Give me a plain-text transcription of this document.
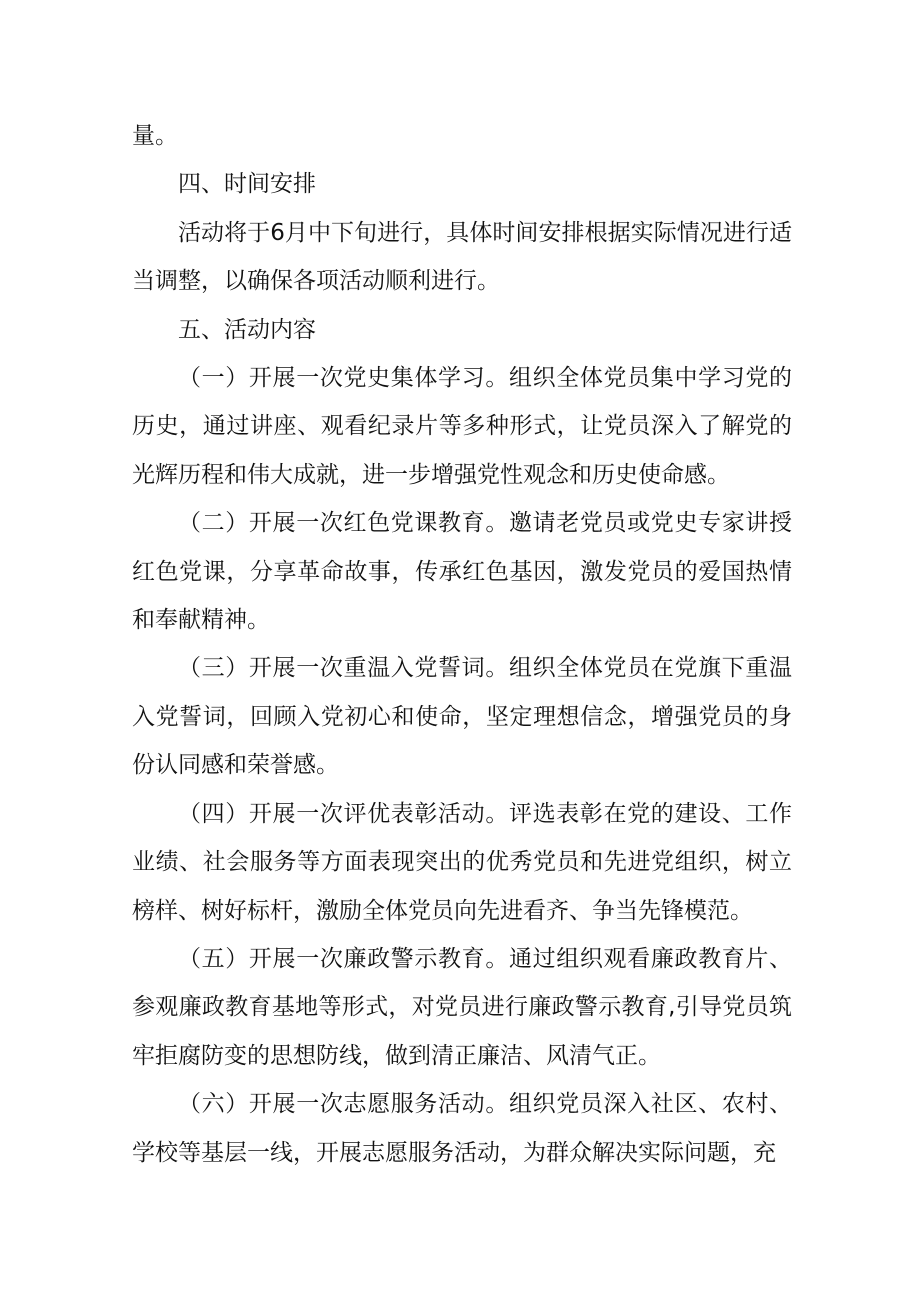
量。

四、时间安排

活动将于6月中下旬进行，具体时间安排根据实际情况进行适当调整，以确保各项活动顺利进行。

五、活动内容

（一）开展一次党史集体学习。组织全体党员集中学习党的历史，通过讲座、观看纪录片等多种形式，让党员深入了解党的光辉历程和伟大成就，进一步增强党性观念和历史使命感。

（二）开展一次红色党课教育。邀请老党员或党史专家讲授红色党课，分享革命故事，传承红色基因，激发党员的爱国热情和奉献精神。

（三）开展一次重温入党誓词。组织全体党员在党旗下重温入党誓词，回顾入党初心和使命，坚定理想信念，增强党员的身份认同感和荣誉感。

（四）开展一次评优表彰活动。评选表彰在党的建设、工作业绩、社会服务等方面表现突出的优秀党员和先进党组织，树立榜样、树好标杆，激励全体党员向先进看齐、争当先锋模范。

（五）开展一次廉政警示教育。通过组织观看廉政教育片、参观廉政教育基地等形式，对党员进行廉政警示教育,引导党员筑牢拒腐防变的思想防线，做到清正廉洁、风清气正。

（六）开展一次志愿服务活动。组织党员深入社区、农村、学校等基层一线，开展志愿服务活动，为群众解决实际问题，充
